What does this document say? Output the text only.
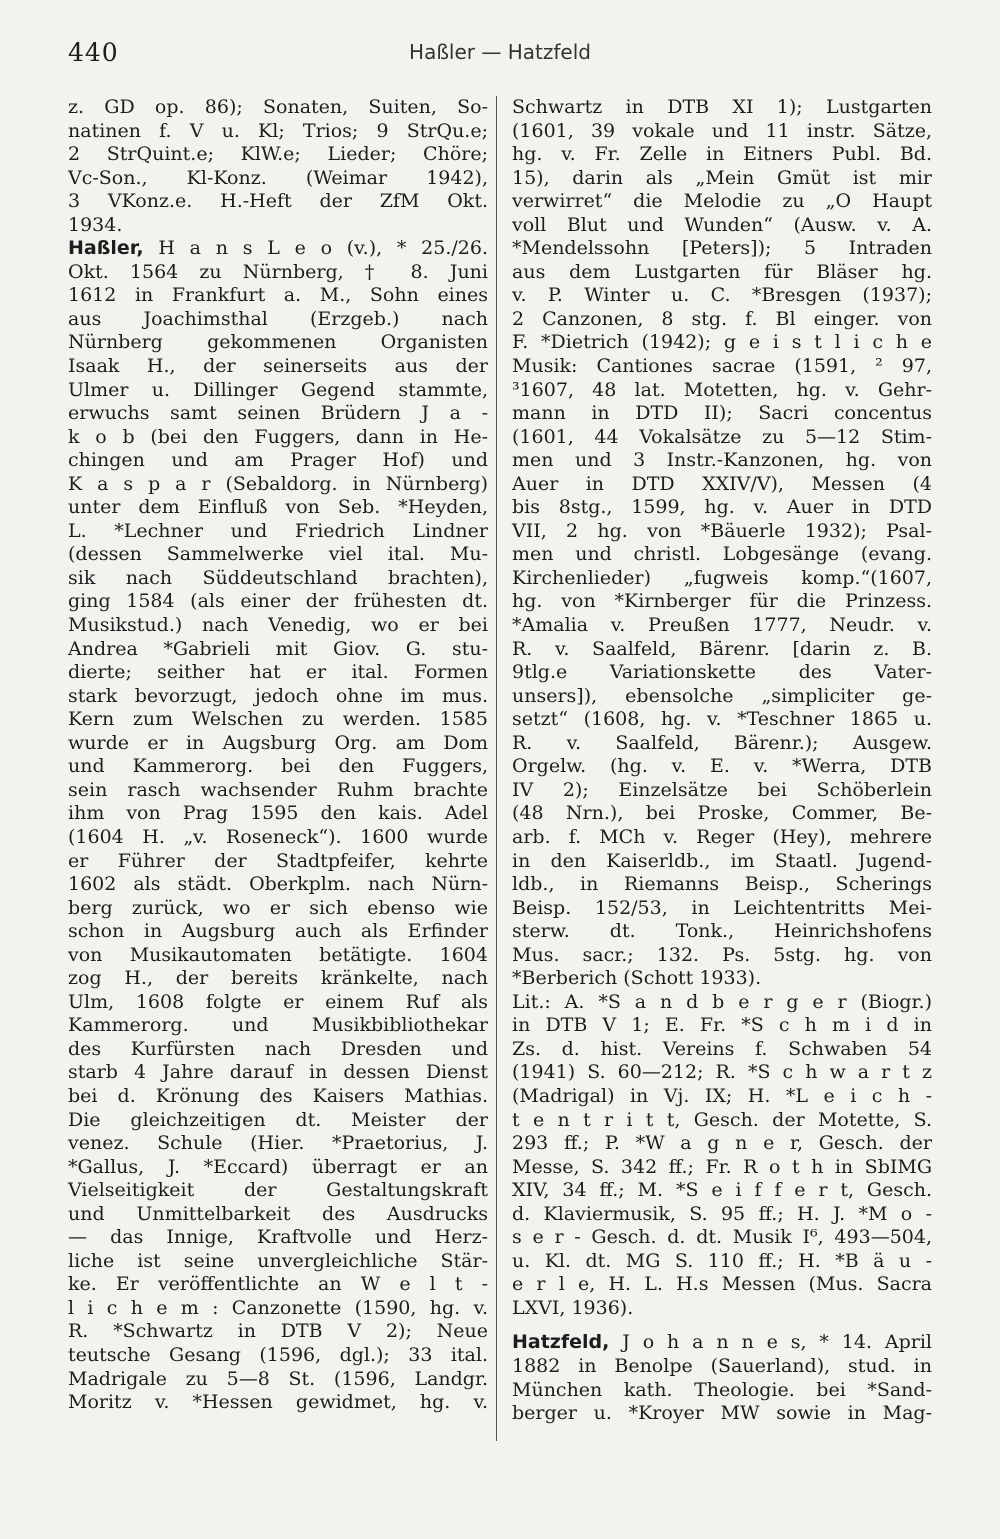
440	Haßler — Hatzfeld
z. GD op. 86); Sonaten, Suiten, So-
natinen f. V u. Kl; Trios; 9 StrQu.e;
2 StrQuint.e; KlW.e; Lieder; Chöre;
Vc-Son., Kl-Konz. (Weimar 1942),
3 VKonz.e. H.-Heft der ZfM Okt.
1934.
Haßler, H a n s L e o (v.), * 25./26.
Okt. 1564 zu Nürnberg, † 8. Juni
1612 in Frankfurt a. M., Sohn eines
aus Joachimsthal (Erzgeb.) nach
Nürnberg gekommenen Organisten
Isaak H., der seinerseits aus der
Ulmer u. Dillinger Gegend stammte,
erwuchs samt seinen Brüdern J a -
k o b (bei den Fuggers, dann in He-
chingen und am Prager Hof) und
K a s p a r (Sebaldorg. in Nürnberg)
unter dem Einfluß von Seb. *Heyden,
L. *Lechner und Friedrich Lindner
(dessen Sammelwerke viel ital. Mu-
sik nach Süddeutschland brachten),
ging 1584 (als einer der frühesten dt.
Musikstud.) nach Venedig, wo er bei
Andrea *Gabrieli mit Giov. G. stu-
dierte; seither hat er ital. Formen
stark bevorzugt, jedoch ohne im mus.
Kern zum Welschen zu werden. 1585
wurde er in Augsburg Org. am Dom
und Kammerorg. bei den Fuggers,
sein rasch wachsender Ruhm brachte
ihm von Prag 1595 den kais. Adel
(1604 H. „v. Roseneck“). 1600 wurde
er Führer der Stadtpfeifer, kehrte
1602 als städt. Oberkplm. nach Nürn-
berg zurück, wo er sich ebenso wie
schon in Augsburg auch als Erfinder
von Musikautomaten betätigte. 1604
zog H., der bereits kränkelte, nach
Ulm, 1608 folgte er einem Ruf als
Kammerorg. und Musikbibliothekar
des Kurfürsten nach Dresden und
starb 4 Jahre darauf in dessen Dienst
bei d. Krönung des Kaisers Mathias.
Die gleichzeitigen dt. Meister der
venez. Schule (Hier. *Praetorius, J.
*Gallus, J. *Eccard) überragt er an
Vielseitigkeit der Gestaltungskraft
und Unmittelbarkeit des Ausdrucks
— das Innige, Kraftvolle und Herz-
liche ist seine unvergleichliche Stär-
ke. Er veröffentlichte an W e l t -
l i c h e m : Canzonette (1590, hg. v.
R. *Schwartz in DTB V 2); Neue
teutsche Gesang (1596, dgl.); 33 ital.
Madrigale zu 5—8 St. (1596, Landgr.
Moritz v. *Hessen gewidmet, hg. v.
Schwartz in DTB XI 1); Lustgarten
(1601, 39 vokale und 11 instr. Sätze,
hg. v. Fr. Zelle in Eitners Publ. Bd.
15), darin als „Mein Gmüt ist mir
verwirret“ die Melodie zu „O Haupt
voll Blut und Wunden“ (Ausw. v. A.
*Mendelssohn [Peters]); 5 Intraden
aus dem Lustgarten für Bläser hg.
v. P. Winter u. C. *Bresgen (1937);
2 Canzonen, 8 stg. f. Bl einger. von
F. *Dietrich (1942); g e i s t l i c h e
Musik: Cantiones sacrae (1591, ² 97,
³1607, 48 lat. Motetten, hg. v. Gehr-
mann in DTD II); Sacri concentus
(1601, 44 Vokalsätze zu 5—12 Stim-
men und 3 Instr.-Kanzonen, hg. von
Auer in DTD XXIV/V), Messen (4
bis 8stg., 1599, hg. v. Auer in DTD
VII, 2 hg. von *Bäuerle 1932); Psal-
men und christl. Lobgesänge (evang.
Kirchenlieder) „fugweis komp.“(1607,
hg. von *Kirnberger für die Prinzess.
*Amalia v. Preußen 1777, Neudr. v.
R. v. Saalfeld, Bärenr. [darin z. B.
9tlg.e Variationskette des Vater-
unsers]), ebensolche „simpliciter ge-
setzt“ (1608, hg. v. *Teschner 1865 u.
R. v. Saalfeld, Bärenr.); Ausgew.
Orgelw. (hg. v. E. v. *Werra, DTB
IV 2); Einzelsätze bei Schöberlein
(48 Nrn.), bei Proske, Commer, Be-
arb. f. MCh v. Reger (Hey), mehrere
in den Kaiserldb., im Staatl. Jugend-
ldb., in Riemanns Beisp., Scherings
Beisp. 152/53, in Leichtentritts Mei-
sterw. dt. Tonk., Heinrichshofens
Mus. sacr.; 132. Ps. 5stg. hg. von
*Berberich (Schott 1933).
Lit.: A. *S a n d b e r g e r (Biogr.)
in DTB V 1; E. Fr. *S c h m i d in
Zs. d. hist. Vereins f. Schwaben 54
(1941) S. 60—212; R. *S c h w a r t z
(Madrigal) in Vj. IX; H. *L e i c h -
t e n t r i t t, Gesch. der Motette, S.
293 ff.; P. *W a g n e r, Gesch. der
Messe, S. 342 ff.; Fr. R o t h in SbIMG
XIV, 34 ff.; M. *S e i f f e r t, Gesch.
d. Klaviermusik, S. 95 ff.; H. J. *M o -
s e r - Gesch. d. dt. Musik I⁶, 493—504,
u. Kl. dt. MG S. 110 ff.; H. *B ä u -
e r l e, H. L. H.s Messen (Mus. Sacra
LXVI, 1936).
Hatzfeld, J o h a n n e s, * 14. April
1882 in Benolpe (Sauerland), stud. in
München kath. Theologie. bei *Sand-
berger u. *Kroyer MW sowie in Mag-
